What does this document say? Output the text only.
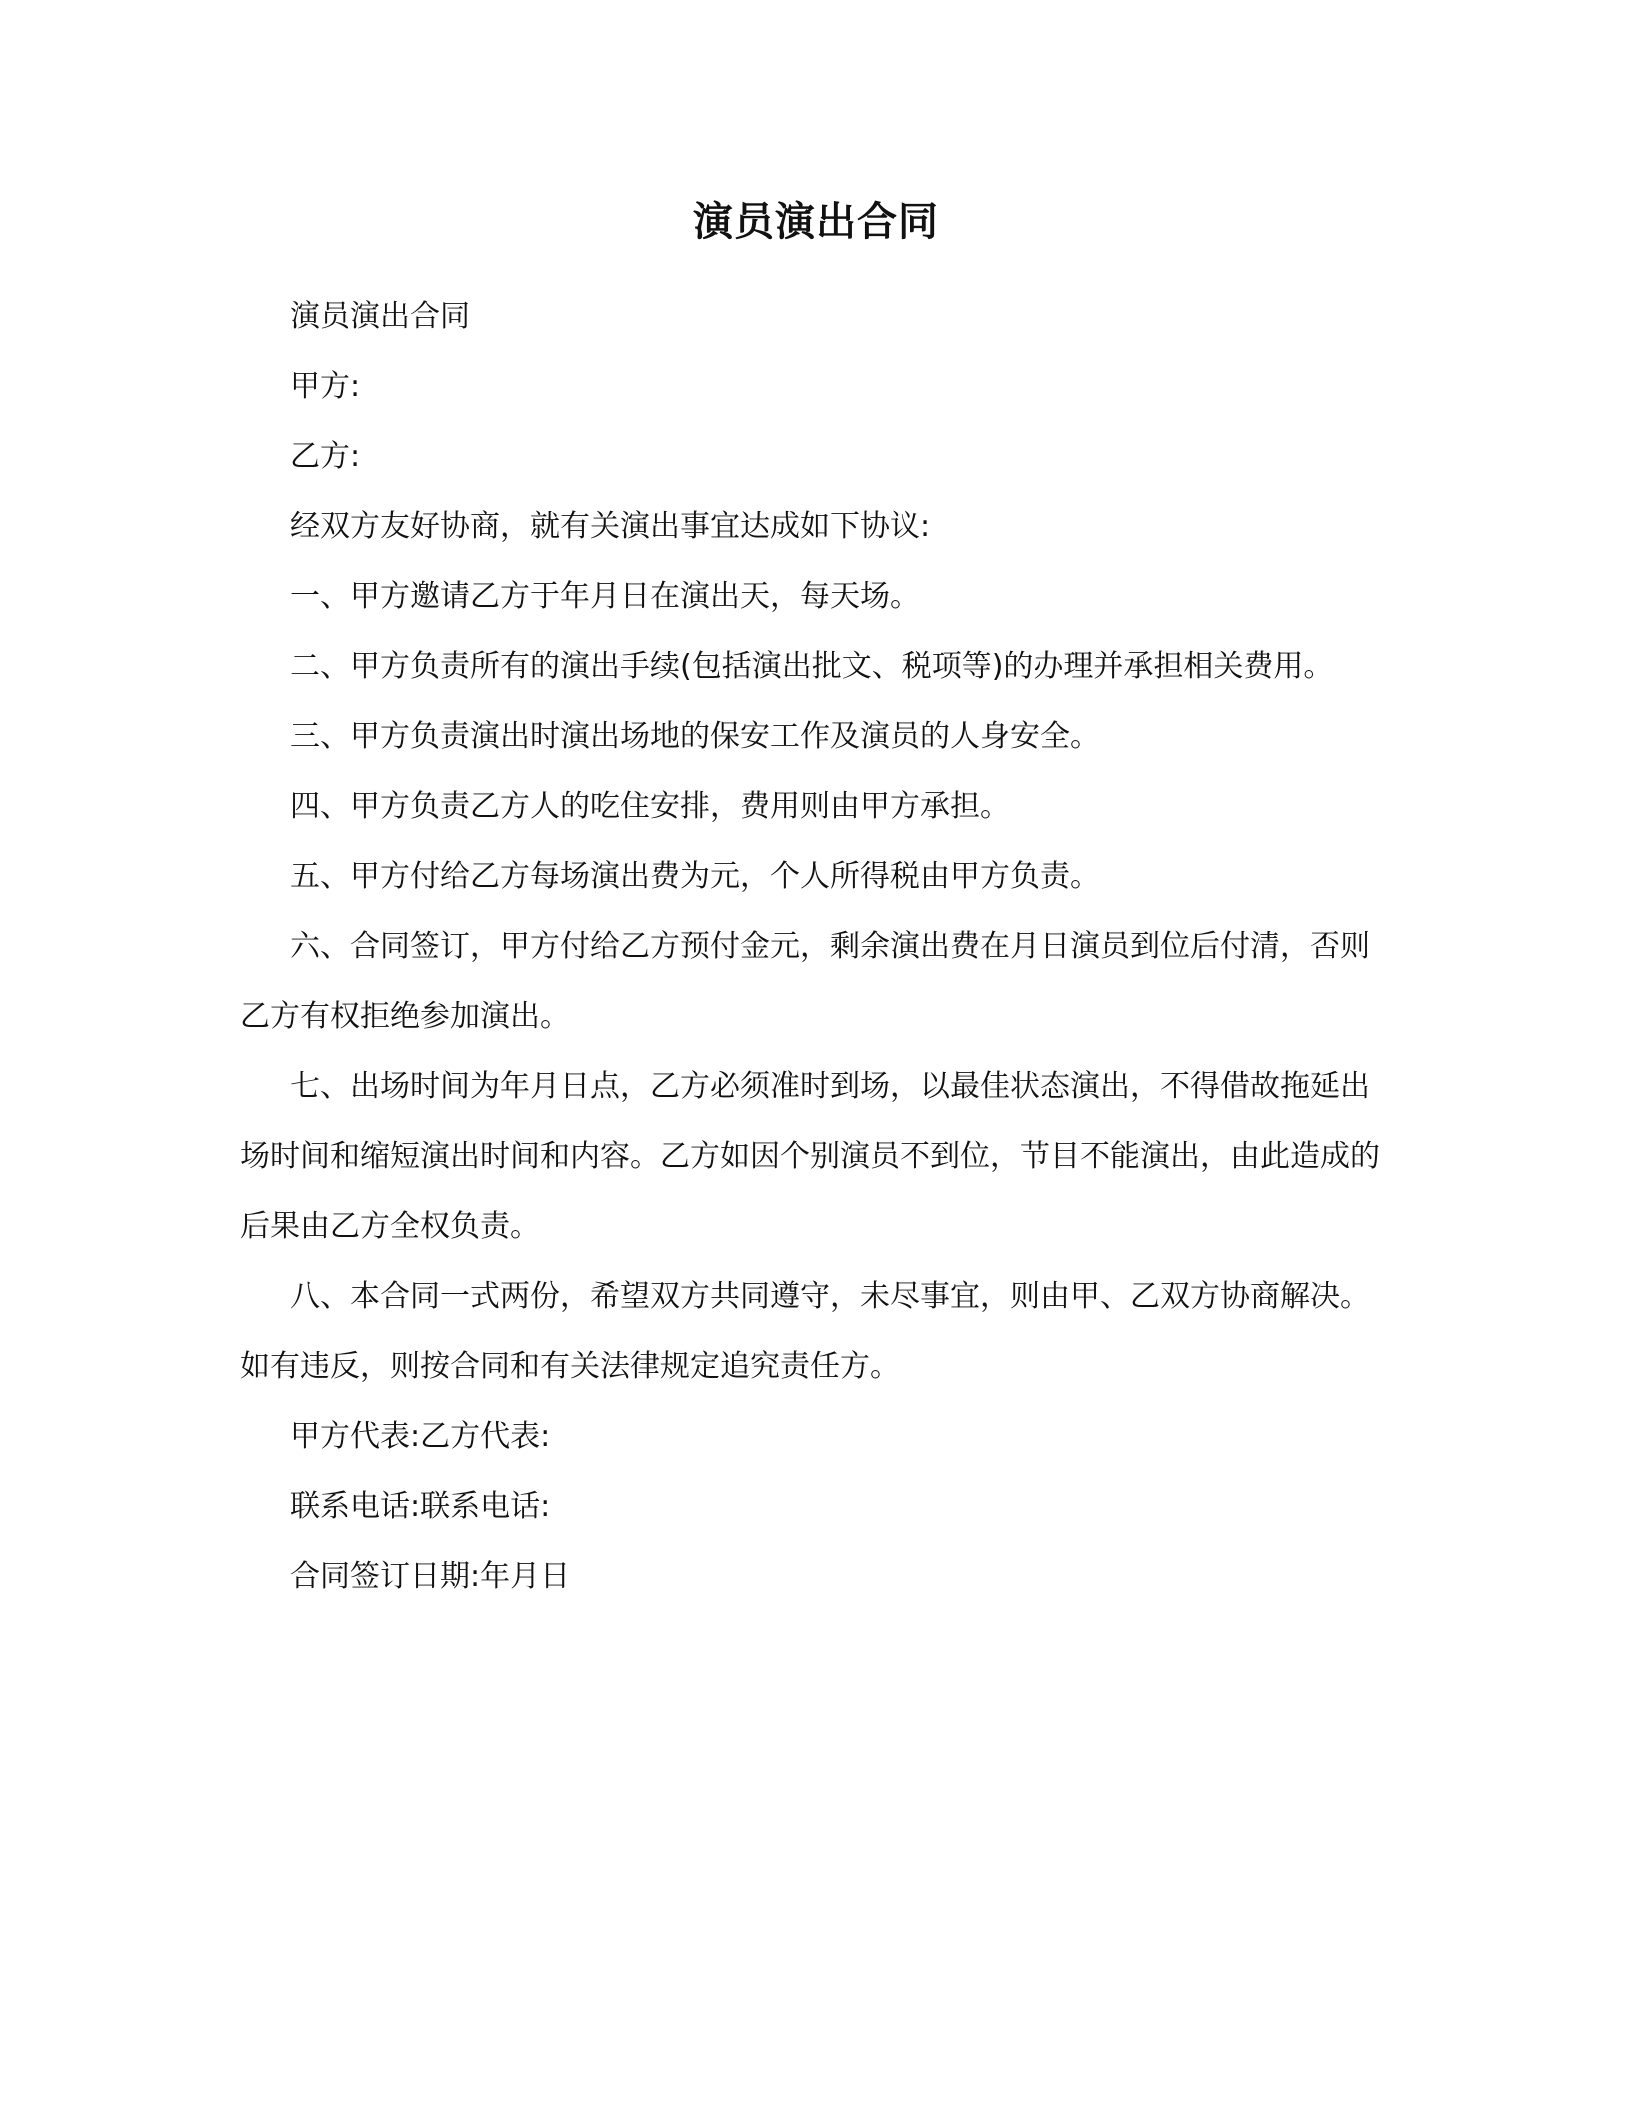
演员演出合同

演员演出合同

甲方:

乙方:

经双方友好协商，就有关演出事宜达成如下协议:

一、甲方邀请乙方于年月日在演出天，每天场。

二、甲方负责所有的演出手续(包括演出批文、税项等)的办理并承担相关费用。

三、甲方负责演出时演出场地的保安工作及演员的人身安全。

四、甲方负责乙方人的吃住安排，费用则由甲方承担。

五、甲方付给乙方每场演出费为元，个人所得税由甲方负责。

六、合同签订，甲方付给乙方预付金元，剩余演出费在月日演员到位后付清，否则乙方有权拒绝参加演出。

七、出场时间为年月日点，乙方必须准时到场，以最佳状态演出，不得借故拖延出场时间和缩短演出时间和内容。乙方如因个别演员不到位，节目不能演出，由此造成的后果由乙方全权负责。

八、本合同一式两份，希望双方共同遵守，未尽事宜，则由甲、乙双方协商解决。如有违反，则按合同和有关法律规定追究责任方。

甲方代表:乙方代表:

联系电话:联系电话:

合同签订日期:年月日
